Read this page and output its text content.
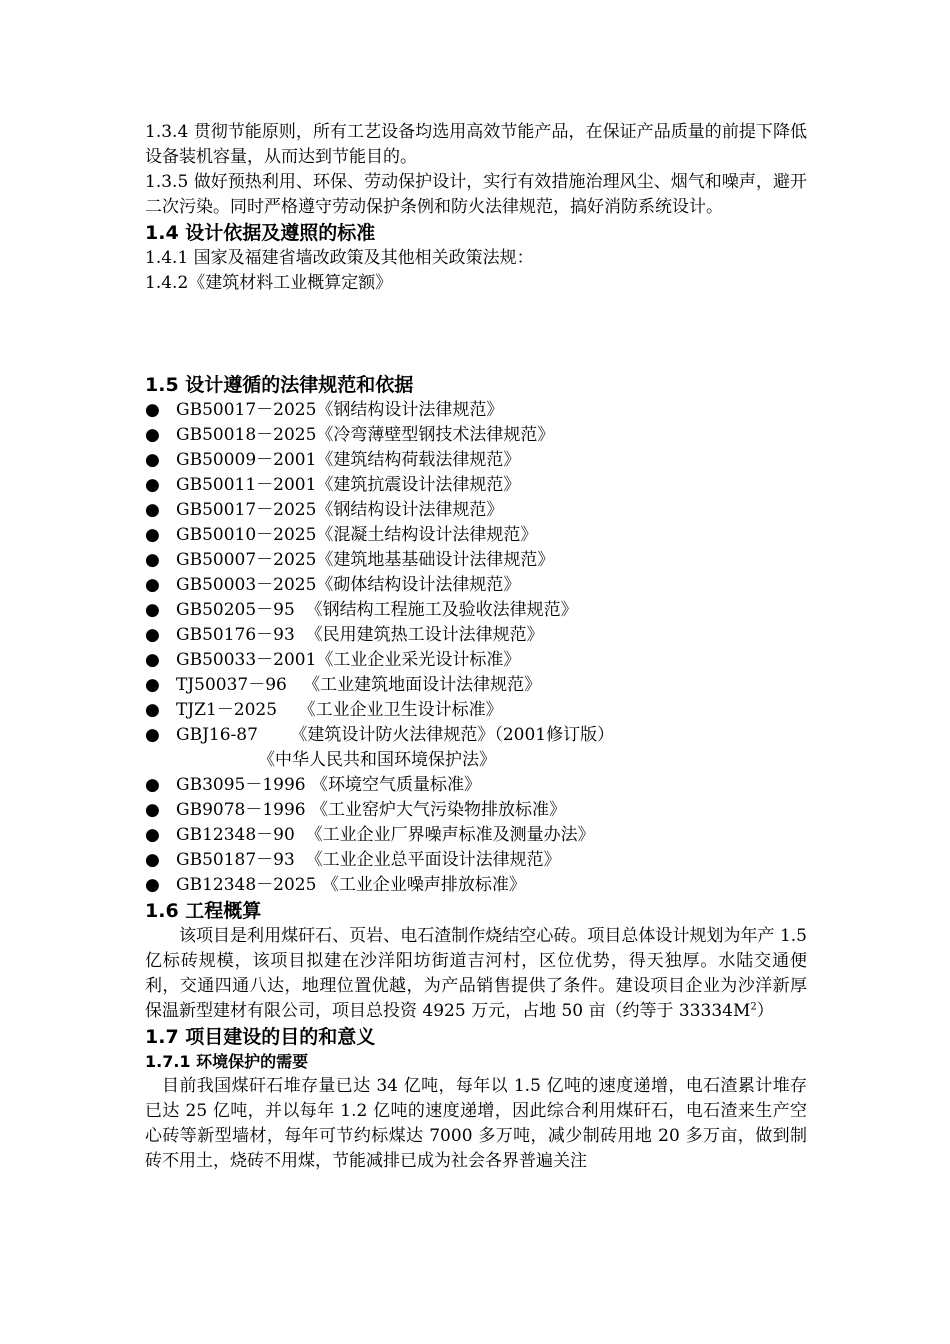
1.3.4 贯彻节能原则，所有工艺设备均选用高效节能产品，在保证产品质量的前提下降低设备装机容量，从而达到节能目的。

1.3.5 做好预热利用、环保、劳动保护设计，实行有效措施治理风尘、烟气和噪声，避开二次污染。同时严格遵守劳动保护条例和防火法律规范，搞好消防系统设计。

1.4 设计依据及遵照的标准

1.4.1 国家及福建省墙改政策及其他相关政策法规：

1.4.2《建筑材料工业概算定额》

1.5 设计遵循的法律规范和依据
● GB50017－2025《钢结构设计法律规范》
● GB50018－2025《冷弯薄壁型钢技术法律规范》
● GB50009－2001《建筑结构荷载法律规范》
● GB50011－2001《建筑抗震设计法律规范》
● GB50017－2025《钢结构设计法律规范》
● GB50010－2025《混凝土结构设计法律规范》
● GB50007－2025《建筑地基基础设计法律规范》
● GB50003－2025《砌体结构设计法律规范》
● GB50205－95  《钢结构工程施工及验收法律规范》
● GB50176－93  《民用建筑热工设计法律规范》
● GB50033－2001《工业企业采光设计标准》
● TJ50037－96   《工业建筑地面设计法律规范》
● TJZ1－2025    《工业企业卫生设计标准》
● GBJ16-87      《建筑设计防火法律规范》（2001修订版）
《中华人民共和国环境保护法》
● GB3095－1996 《环境空气质量标准》
● GB9078－1996 《工业窑炉大气污染物排放标准》
● GB12348－90  《工业企业厂界噪声标准及测量办法》
● GB50187－93  《工业企业总平面设计法律规范》
● GB12348－2025 《工业企业噪声排放标准》
1.6 工程概算

该项目是利用煤矸石、页岩、电石渣制作烧结空心砖。项目总体设计规划为年产 1.5 亿标砖规模，该项目拟建在沙洋阳坊街道吉河村，区位优势，得天独厚。水陆交通便利，交通四通八达，地理位置优越，为产品销售提供了条件。建设项目企业为沙洋新厚保温新型建材有限公司，项目总投资 4925 万元，占地 50 亩（约等于 $33334M^2$）

1.7 项目建设的目的和意义
1.7.1 环境保护的需要

目前我国煤矸石堆存量已达 34 亿吨，每年以 1.5 亿吨的速度递增，电石渣累计堆存已达 25 亿吨，并以每年 1.2 亿吨的速度递增，因此综合利用煤矸石，电石渣来生产空心砖等新型墙材，每年可节约标煤达 7000 多万吨，减少制砖用地 20 多万亩，做到制砖不用土，烧砖不用煤，节能减排已成为社会各界普遍关注
